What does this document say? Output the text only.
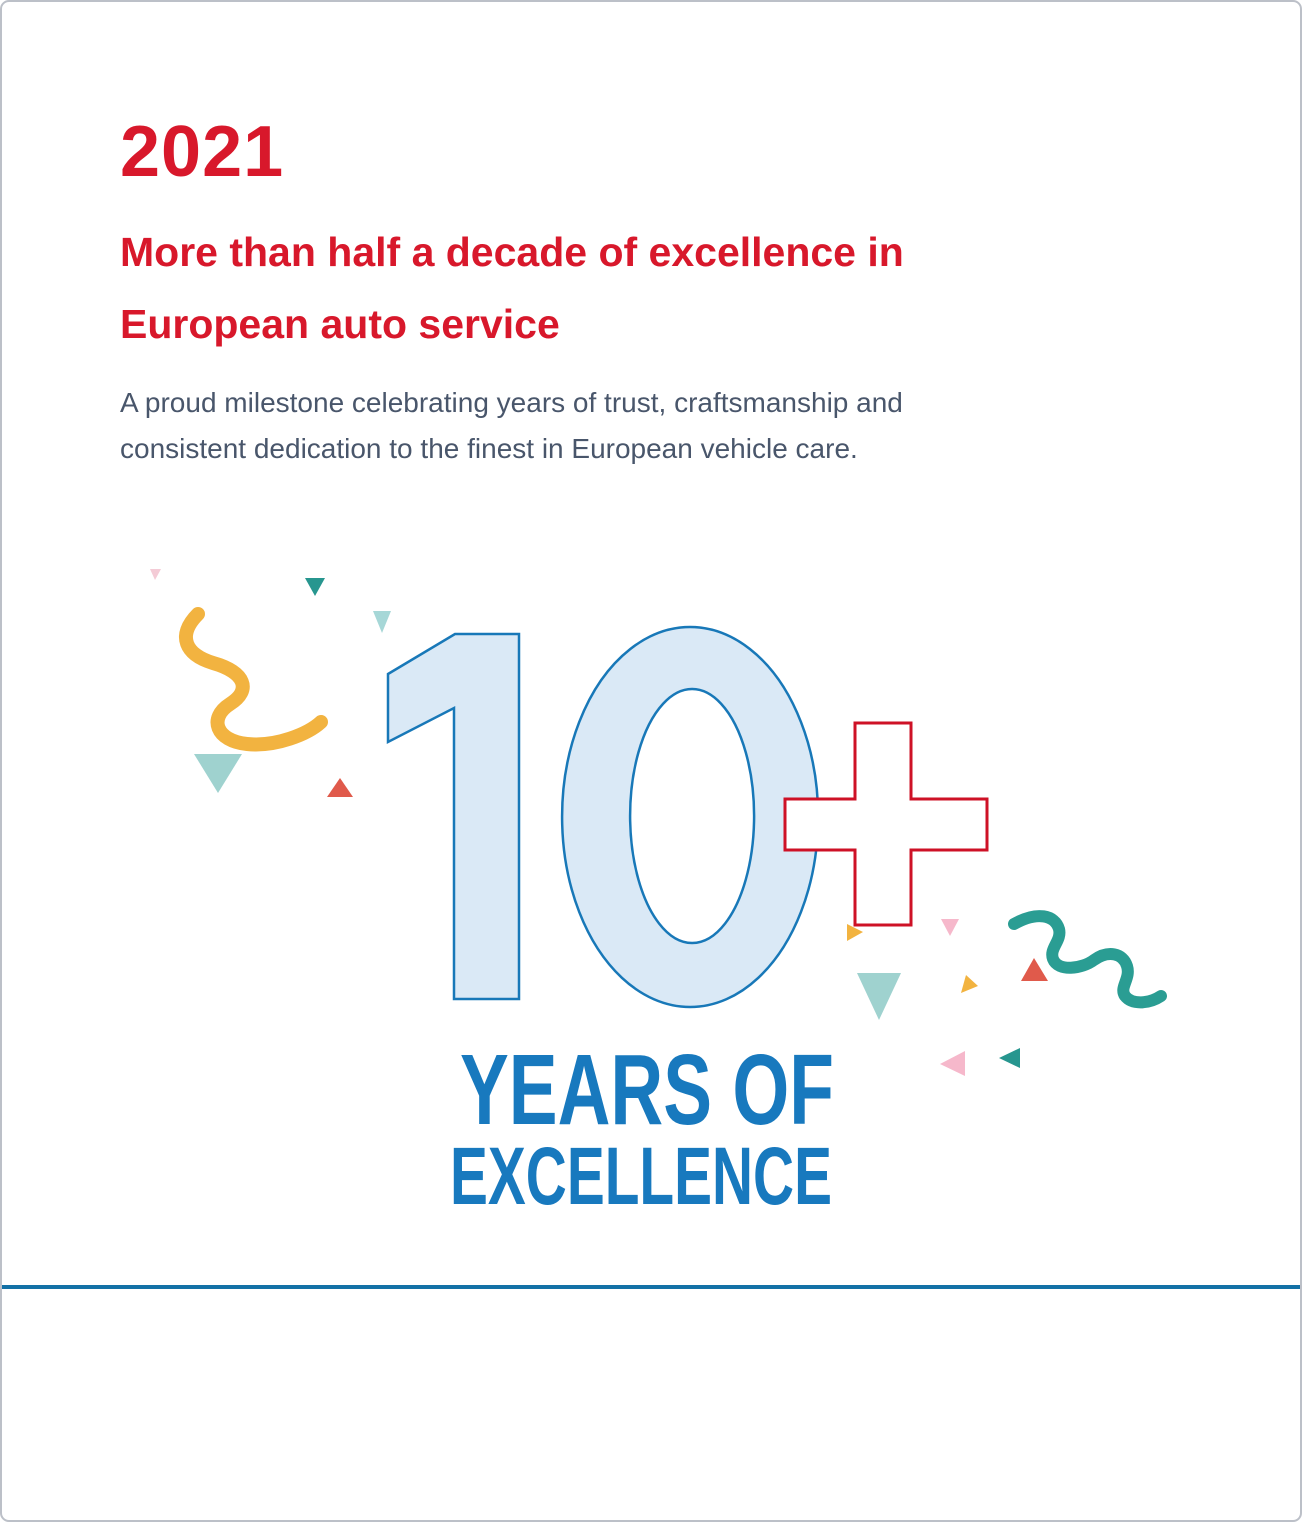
2021
More than half a decade of excellence in European auto service
A proud milestone celebrating years of trust, craftsmanship and consistent dedication to the finest in European vehicle care.
YEARS OF
EXCELLENCE
